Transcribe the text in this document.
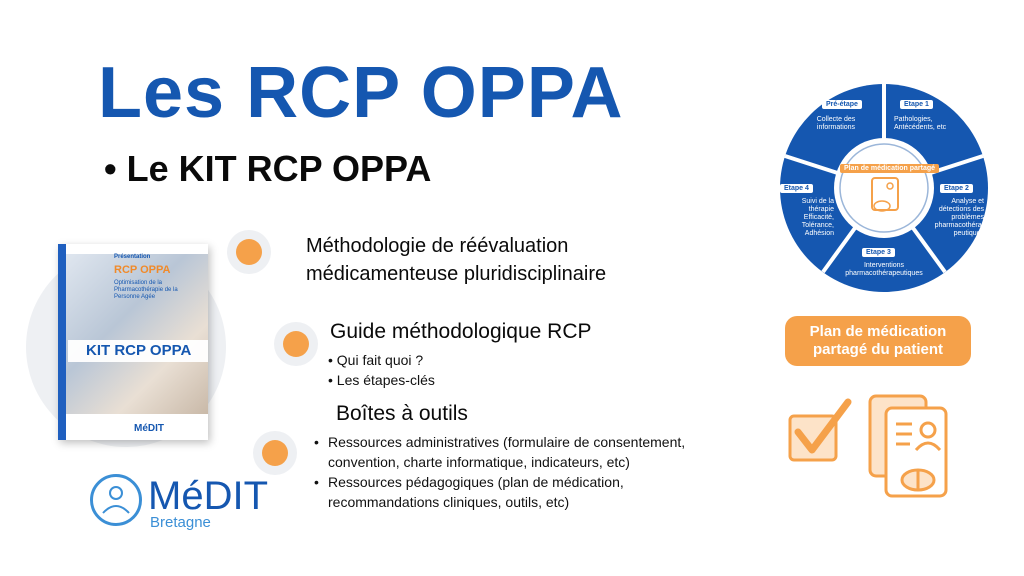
Les RCP OPPA
• Le KIT RCP OPPA
Présentation
RCP OPPA
Optimisation de la Pharmacothérapie de la Personne Agée
KIT RCP OPPA
MéDIT
MéDIT
Bretagne
Méthodologie de réévaluation
médicamenteuse pluridisciplinaire
Guide méthodologique RCP
• Qui fait quoi ?
• Les étapes-clés
Boîtes à outils
• Ressources administratives (formulaire de consentement, convention, charte informatique, indicateurs, etc)
• Ressources pédagogiques (plan de médication, recommandations cliniques, outils, etc)
Pré-étape
Collecte des informations
Etape 1
Pathologies, Antécédents, etc
Etape 2
Analyse et détections des problèmes pharmacothéra-peutiques
Etape 3
Interventions pharmacothérapeutiques
Etape 4
Suivi de la thérapie Efficacité, Tolérance, Adhésion
Plan de médication partagé
Plan de médication partagé du patient
